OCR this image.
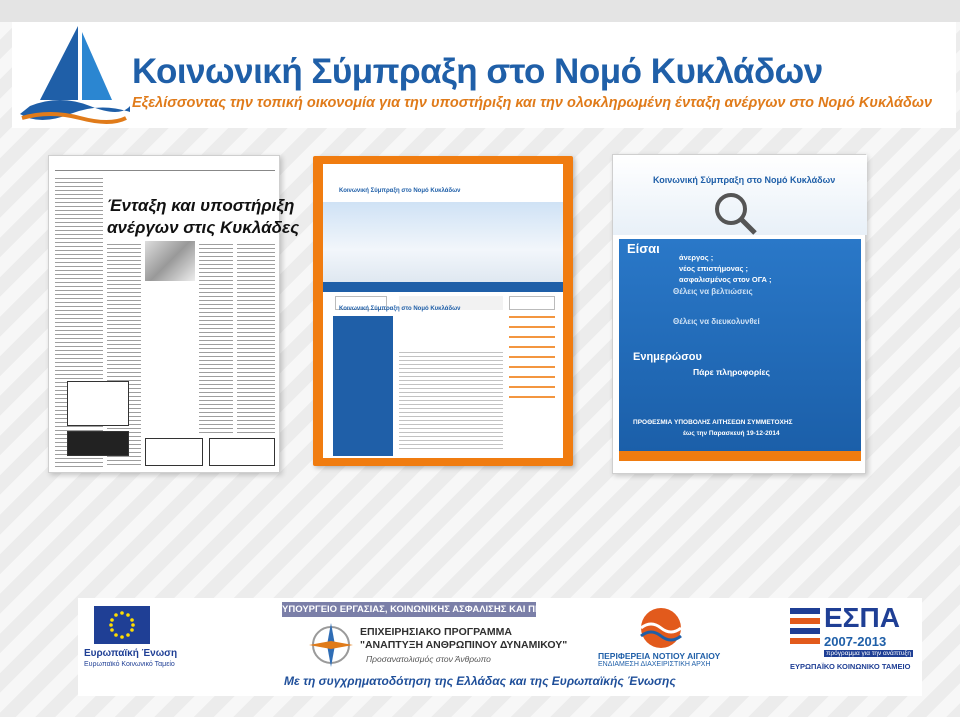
Κοινωνική Σύμπραξη στο Νομό Κυκλάδων
Εξελίσσοντας την τοπική οικονομία για την υποστήριξη και την ολοκληρωμένη ένταξη ανέργων στο Νομό Κυκλάδων
Ένταξη και υποστήριξη
ανέργων στις Κυκλάδες
Κοινωνική Σύμπραξη στο Νομό Κυκλάδων
Κοινωνική Σύμπραξη στο Νομό Κυκλάδων
Κοινωνική Σύμπραξη στο Νομό Κυκλάδων
Είσαι
άνεργος ;
νέος επιστήμονας ;
ασφαλισμένος στον ΟΓΑ ;
Θέλεις να βελτιώσεις
Θέλεις να διευκολυνθεί
Ενημερώσου
Πάρε πληροφορίες
ΠΡΟΘΕΣΜΙΑ ΥΠΟΒΟΛΗΣ ΑΙΤΗΣΕΩΝ ΣΥΜΜΕΤΟΧΗΣ
έως την Παρασκευή 19-12-2014
Ευρωπαϊκή Ένωση
Ευρωπαϊκό Κοινωνικό Ταμείο
ΥΠΟΥΡΓΕΙΟ ΕΡΓΑΣΙΑΣ, ΚΟΙΝΩΝΙΚΗΣ ΑΣΦΑΛΙΣΗΣ ΚΑΙ ΠΡΟΝΟΙΑΣ
ΕΠΙΧΕΙΡΗΣΙΑΚΟ ΠΡΟΓΡΑΜΜΑ
"ΑΝΑΠΤΥΞΗ ΑΝΘΡΩΠΙΝΟΥ ΔΥΝΑΜΙΚΟΥ"
Προσανατολισμός στον Άνθρωπο	ΠΕΡΙΦΕΡΕΙΑ ΝΟΤΙΟΥ ΑΙΓΑΙΟΥ
ΕΝΔΙΑΜΕΣΗ ΔΙΑΧΕΙΡΙΣΤΙΚΗ ΑΡΧΗ
ΕΣΠΑ
2007-2013
πρόγραμμα για την ανάπτυξη
ΕΥΡΩΠΑΪΚΟ ΚΟΙΝΩΝΙΚΟ ΤΑΜΕΙΟ
Με τη συγχρηματοδότηση της Ελλάδας και της Ευρωπαϊκής Ένωσης
